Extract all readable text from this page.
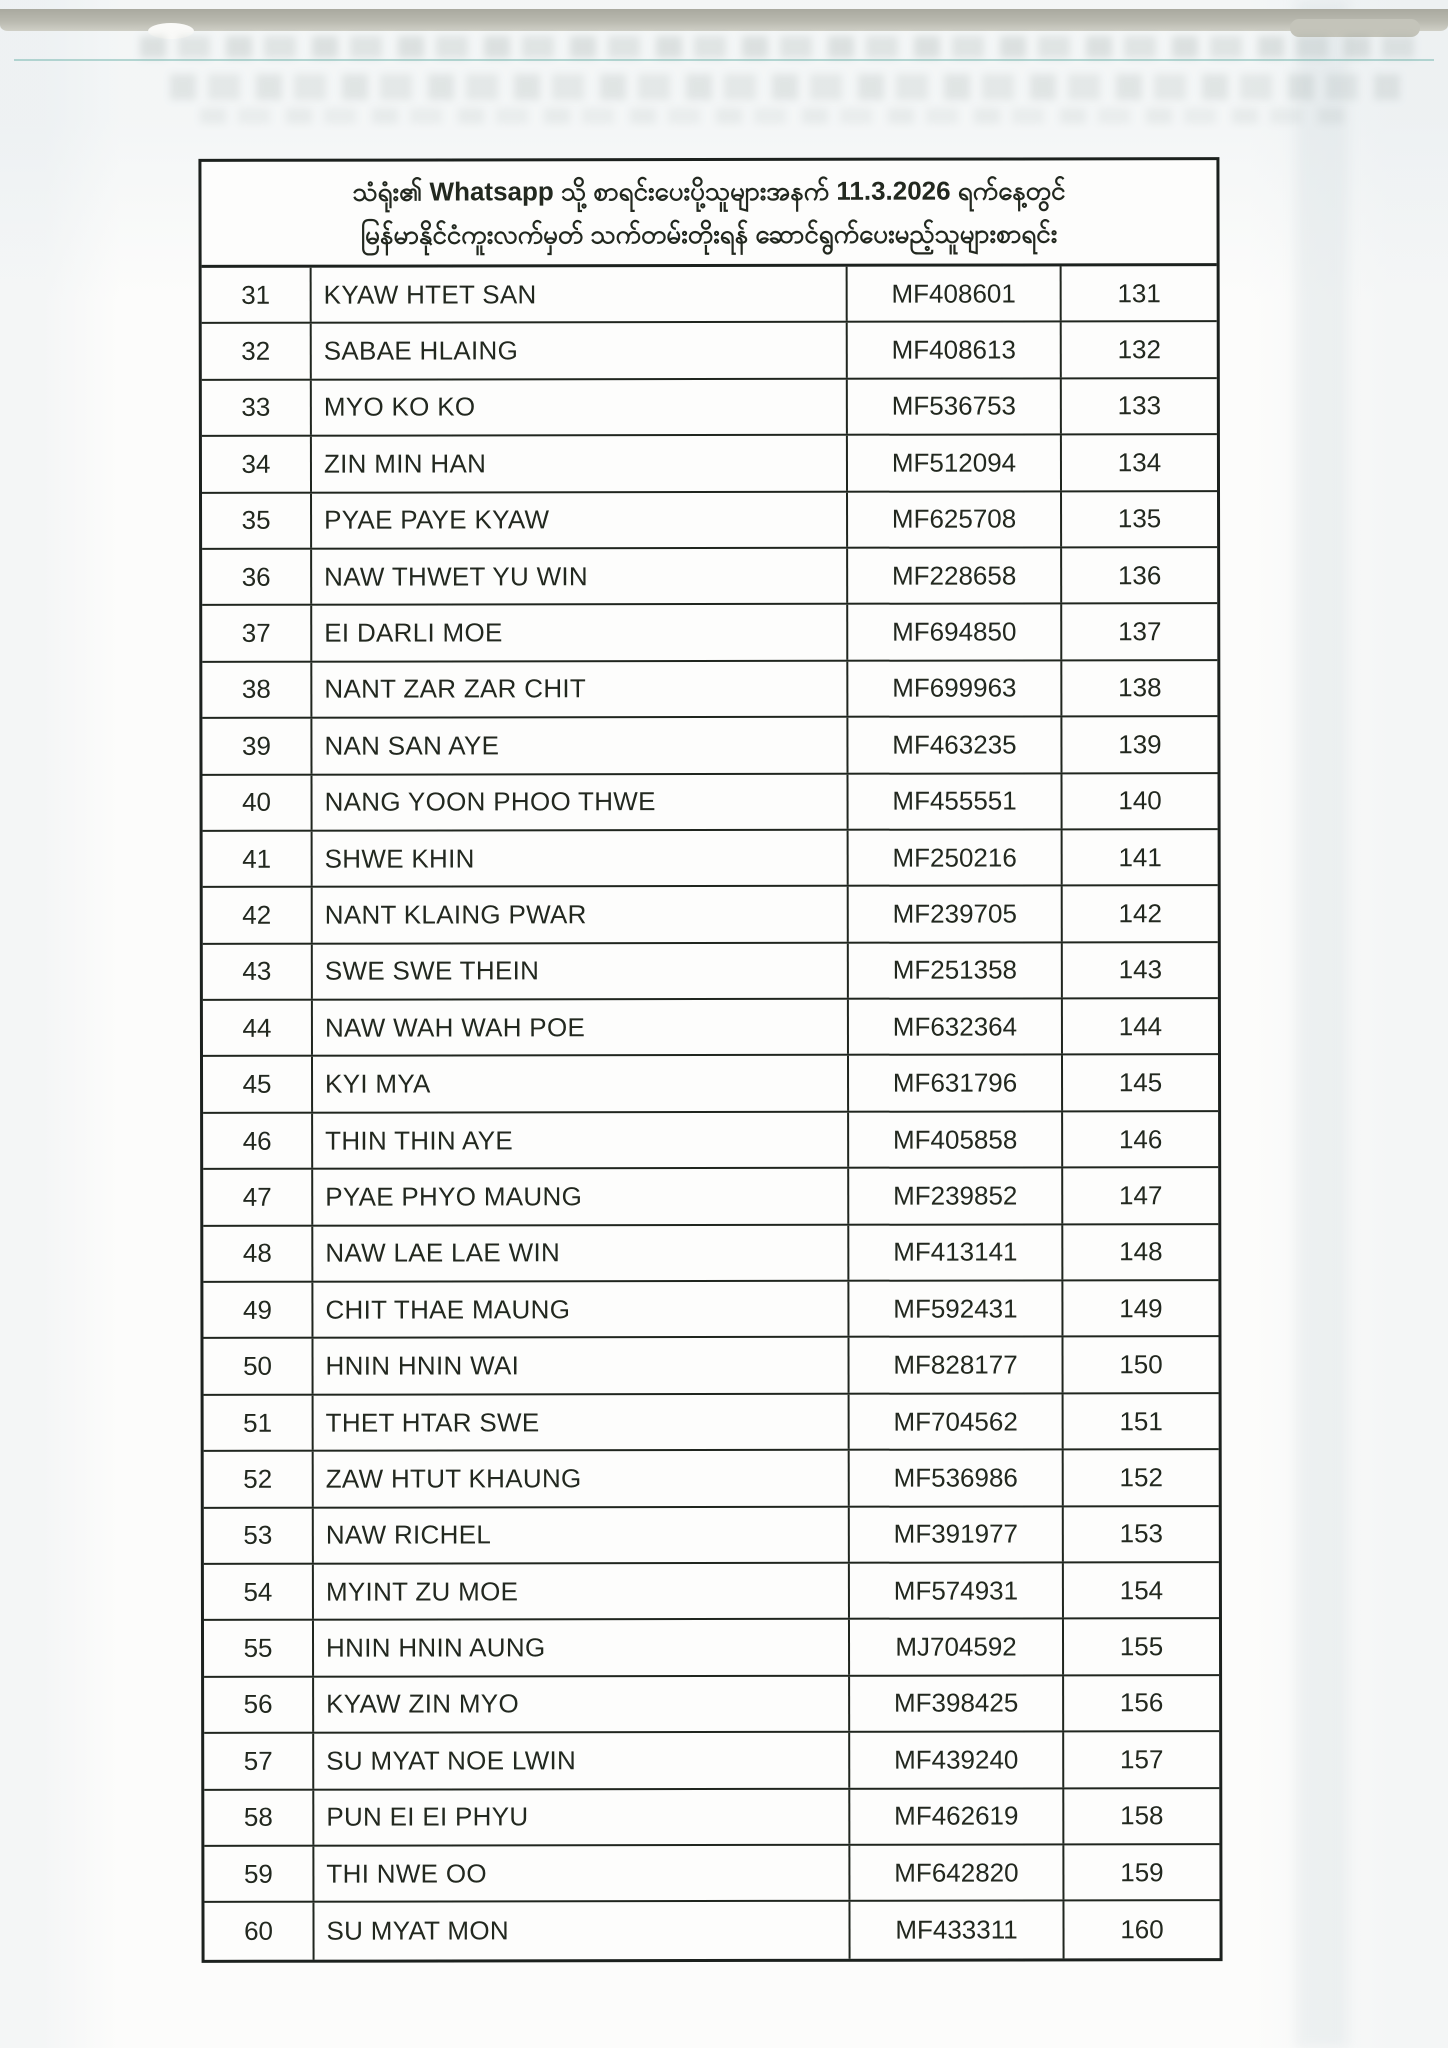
သံရုံး၏ Whatsapp သို့ စာရင်းပေးပို့သူများအနက် 11.3.2026 ရက်နေ့တွင်
မြန်မာနိုင်ငံကူးလက်မှတ် သက်တမ်းတိုးရန် ဆောင်ရွက်ပေးမည့်သူများစာရင်း
31	KYAW HTET SAN	MF408601	131
32	SABAE HLAING	MF408613	132
33	MYO KO KO	MF536753	133
34	ZIN MIN HAN	MF512094	134
35	PYAE PAYE KYAW	MF625708	135
36	NAW THWET YU WIN	MF228658	136
37	EI DARLI MOE	MF694850	137
38	NANT ZAR ZAR CHIT	MF699963	138
39	NAN SAN AYE	MF463235	139
40	NANG YOON PHOO THWE	MF455551	140
41	SHWE KHIN	MF250216	141
42	NANT KLAING PWAR	MF239705	142
43	SWE SWE THEIN	MF251358	143
44	NAW WAH WAH POE	MF632364	144
45	KYI MYA	MF631796	145
46	THIN THIN AYE	MF405858	146
47	PYAE PHYO MAUNG	MF239852	147
48	NAW LAE LAE WIN	MF413141	148
49	CHIT THAE MAUNG	MF592431	149
50	HNIN HNIN WAI	MF828177	150
51	THET HTAR SWE	MF704562	151
52	ZAW HTUT KHAUNG	MF536986	152
53	NAW RICHEL	MF391977	153
54	MYINT ZU MOE	MF574931	154
55	HNIN HNIN AUNG	MJ704592	155
56	KYAW ZIN MYO	MF398425	156
57	SU MYAT NOE LWIN	MF439240	157
58	PUN EI EI PHYU	MF462619	158
59	THI NWE OO	MF642820	159
60	SU MYAT MON	MF433311	160
